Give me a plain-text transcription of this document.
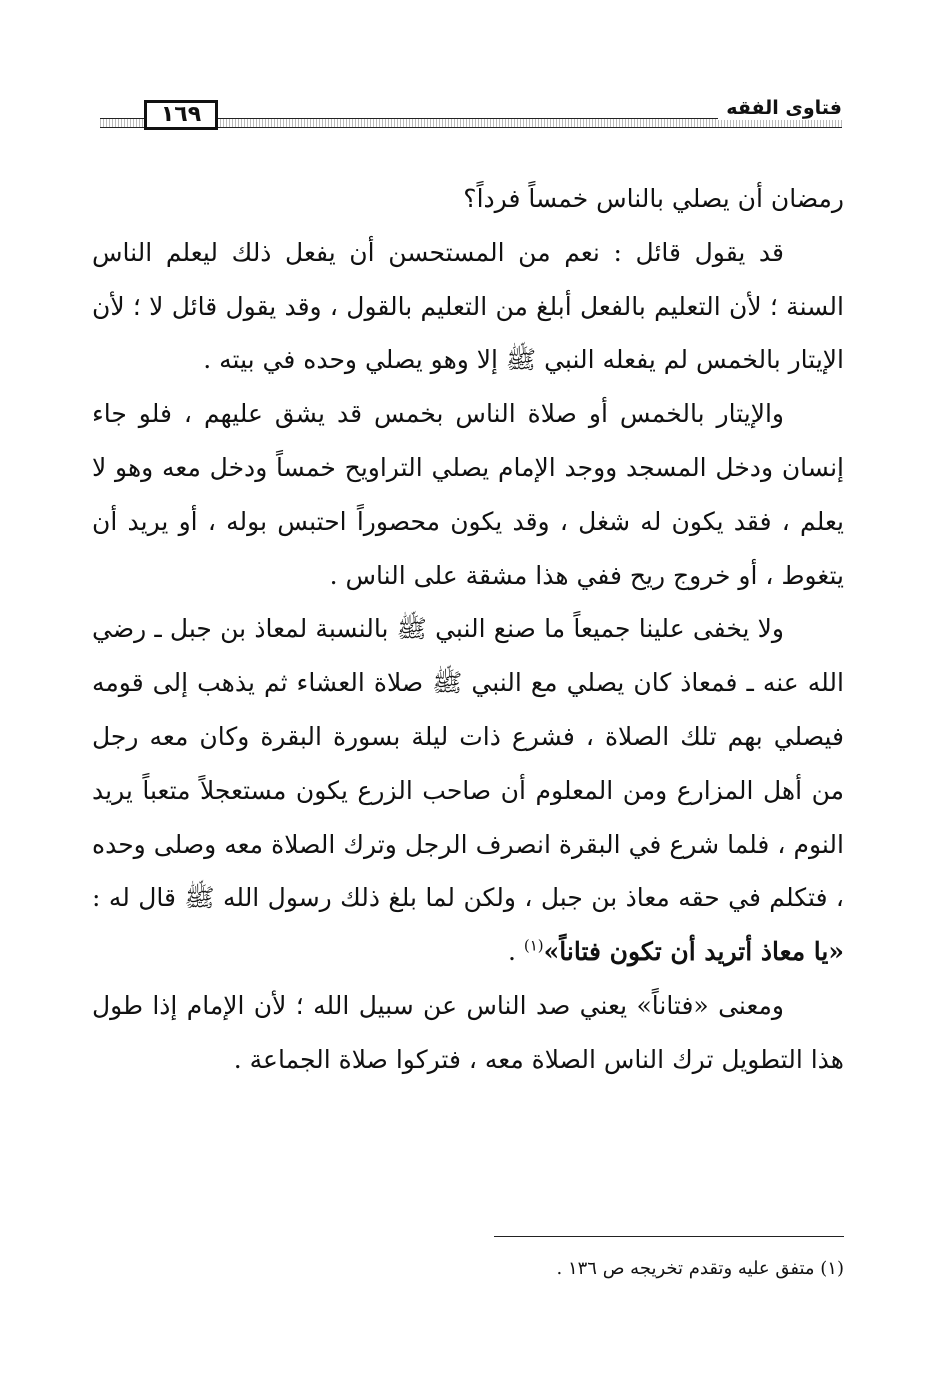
١٦٩	فتاوى الفقه

رمضان أن يصلي بالناس خمساً فرداً؟

قد يقول قائل : نعم من المستحسن أن يفعل ذلك ليعلم الناس السنة ؛ لأن التعليم بالفعل أبلغ من التعليم بالقول ، وقد يقول قائل لا ؛ لأن الإيتار بالخمس لم يفعله النبي ﷺ إلا وهو يصلي وحده في بيته .

والإيتار بالخمس أو صلاة الناس بخمس قد يشق عليهم ، فلو جاء إنسان ودخل المسجد ووجد الإمام يصلي التراويح خمساً ودخل معه وهو لا يعلم ، فقد يكون له شغل ، وقد يكون محصوراً احتبس بوله ، أو يريد أن يتغوط ، أو خروج ريح ففي هذا مشقة على الناس .

ولا يخفى علينا جميعاً ما صنع النبي ﷺ بالنسبة لمعاذ بن جبل ـ رضي الله عنه ـ فمعاذ كان يصلي مع النبي ﷺ صلاة العشاء ثم يذهب إلى قومه فيصلي بهم تلك الصلاة ، فشرع ذات ليلة بسورة البقرة وكان معه رجل من أهل المزارع ومن المعلوم أن صاحب الزرع يكون مستعجلاً متعباً يريد النوم ، فلما شرع في البقرة انصرف الرجل وترك الصلاة معه وصلى وحده ، فتكلم في حقه معاذ بن جبل ، ولكن لما بلغ ذلك رسول الله ﷺ قال له : «يا معاذ أتريد أن تكون فتاناً»$^{(١)}$ .

ومعنى «فتاناً» يعني صد الناس عن سبيل الله ؛ لأن الإمام إذا طول هذا التطويل ترك الناس الصلاة معه ، فتركوا صلاة الجماعة .

(١) متفق عليه وتقدم تخريجه ص ١٣٦ .
